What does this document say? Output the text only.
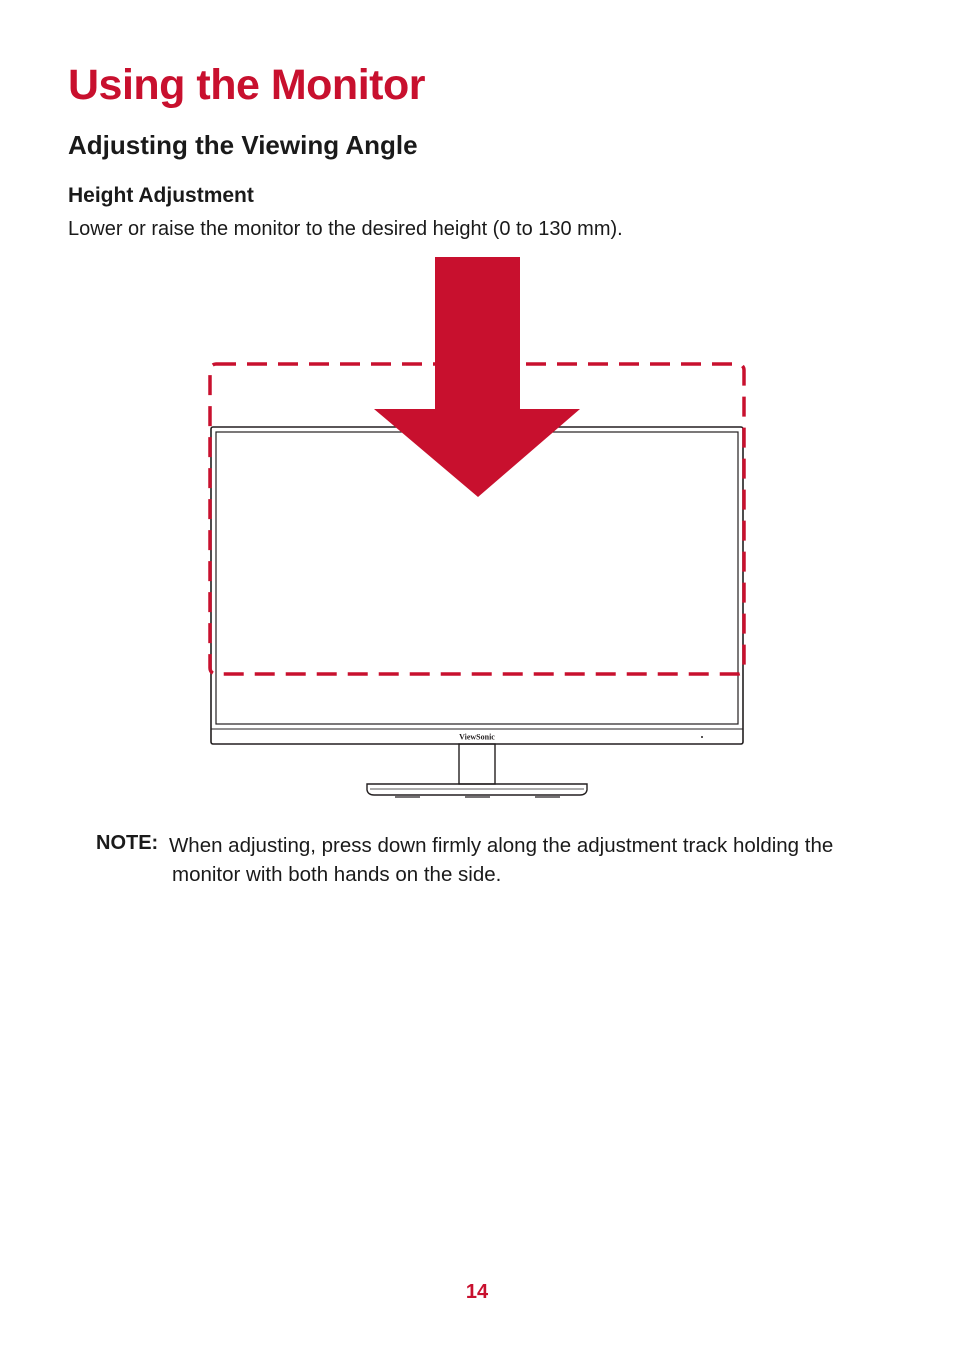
Using the Monitor
Adjusting the Viewing Angle
Height Adjustment

Lower or raise the monitor to the desired height (0 to 130 mm).

ViewSonic
NOTE: When adjusting, press down firmly along the adjustment track holding the monitor with both hands on the side.

14
